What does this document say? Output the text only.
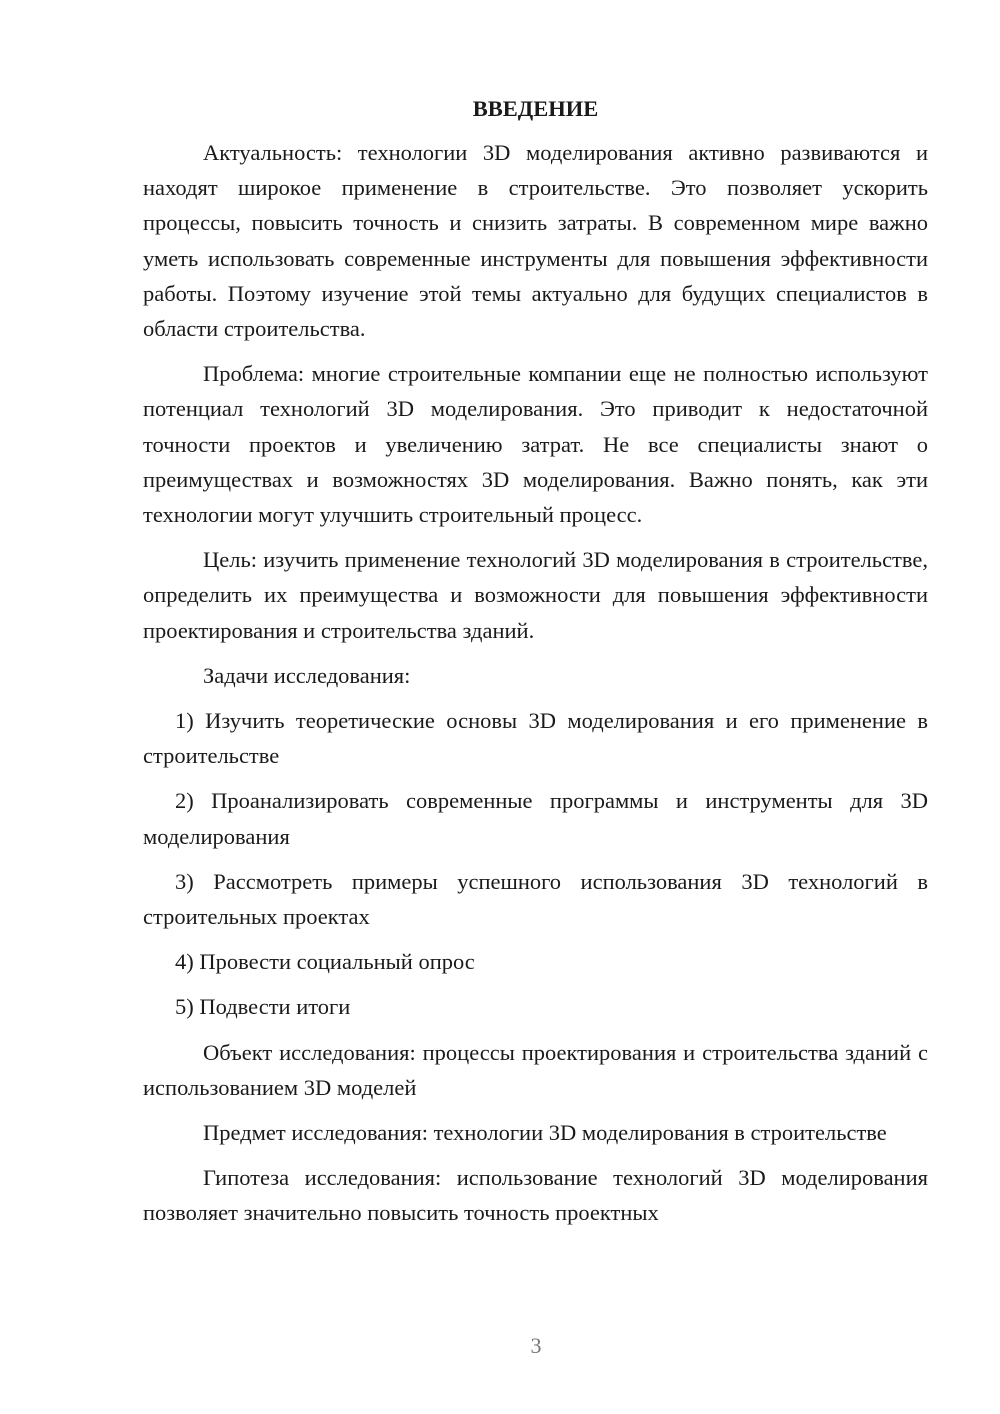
ВВЕДЕНИЕ

Актуальность: технологии 3D моделирования активно развиваются и находят широкое применение в строительстве. Это позволяет ускорить процессы, повысить точность и снизить затраты. В современном мире важно уметь использовать современные инструменты для повышения эффективности работы. Поэтому изучение этой темы актуально для будущих специалистов в области строительства.

Проблема: многие строительные компании еще не полностью используют потенциал технологий 3D моделирования. Это приводит к недостаточной точности проектов и увеличению затрат. Не все специалисты знают о преимуществах и возможностях 3D моделирования. Важно понять, как эти технологии могут улучшить строительный процесс.

Цель: изучить применение технологий 3D моделирования в строительстве, определить их преимущества и возможности для повышения эффективности проектирования и строительства зданий.

Задачи исследования:

1) Изучить теоретические основы 3D моделирования и его применение в строительстве

2) Проанализировать современные программы и инструменты для 3D моделирования

3) Рассмотреть примеры успешного использования 3D технологий в строительных проектах

4) Провести социальный опрос

5) Подвести итоги

Объект исследования: процессы проектирования и строительства зданий с использованием 3D моделей

Предмет исследования: технологии 3D моделирования в строительстве

Гипотеза исследования: использование технологий 3D моделирования позволяет значительно повысить точность проектных

3
